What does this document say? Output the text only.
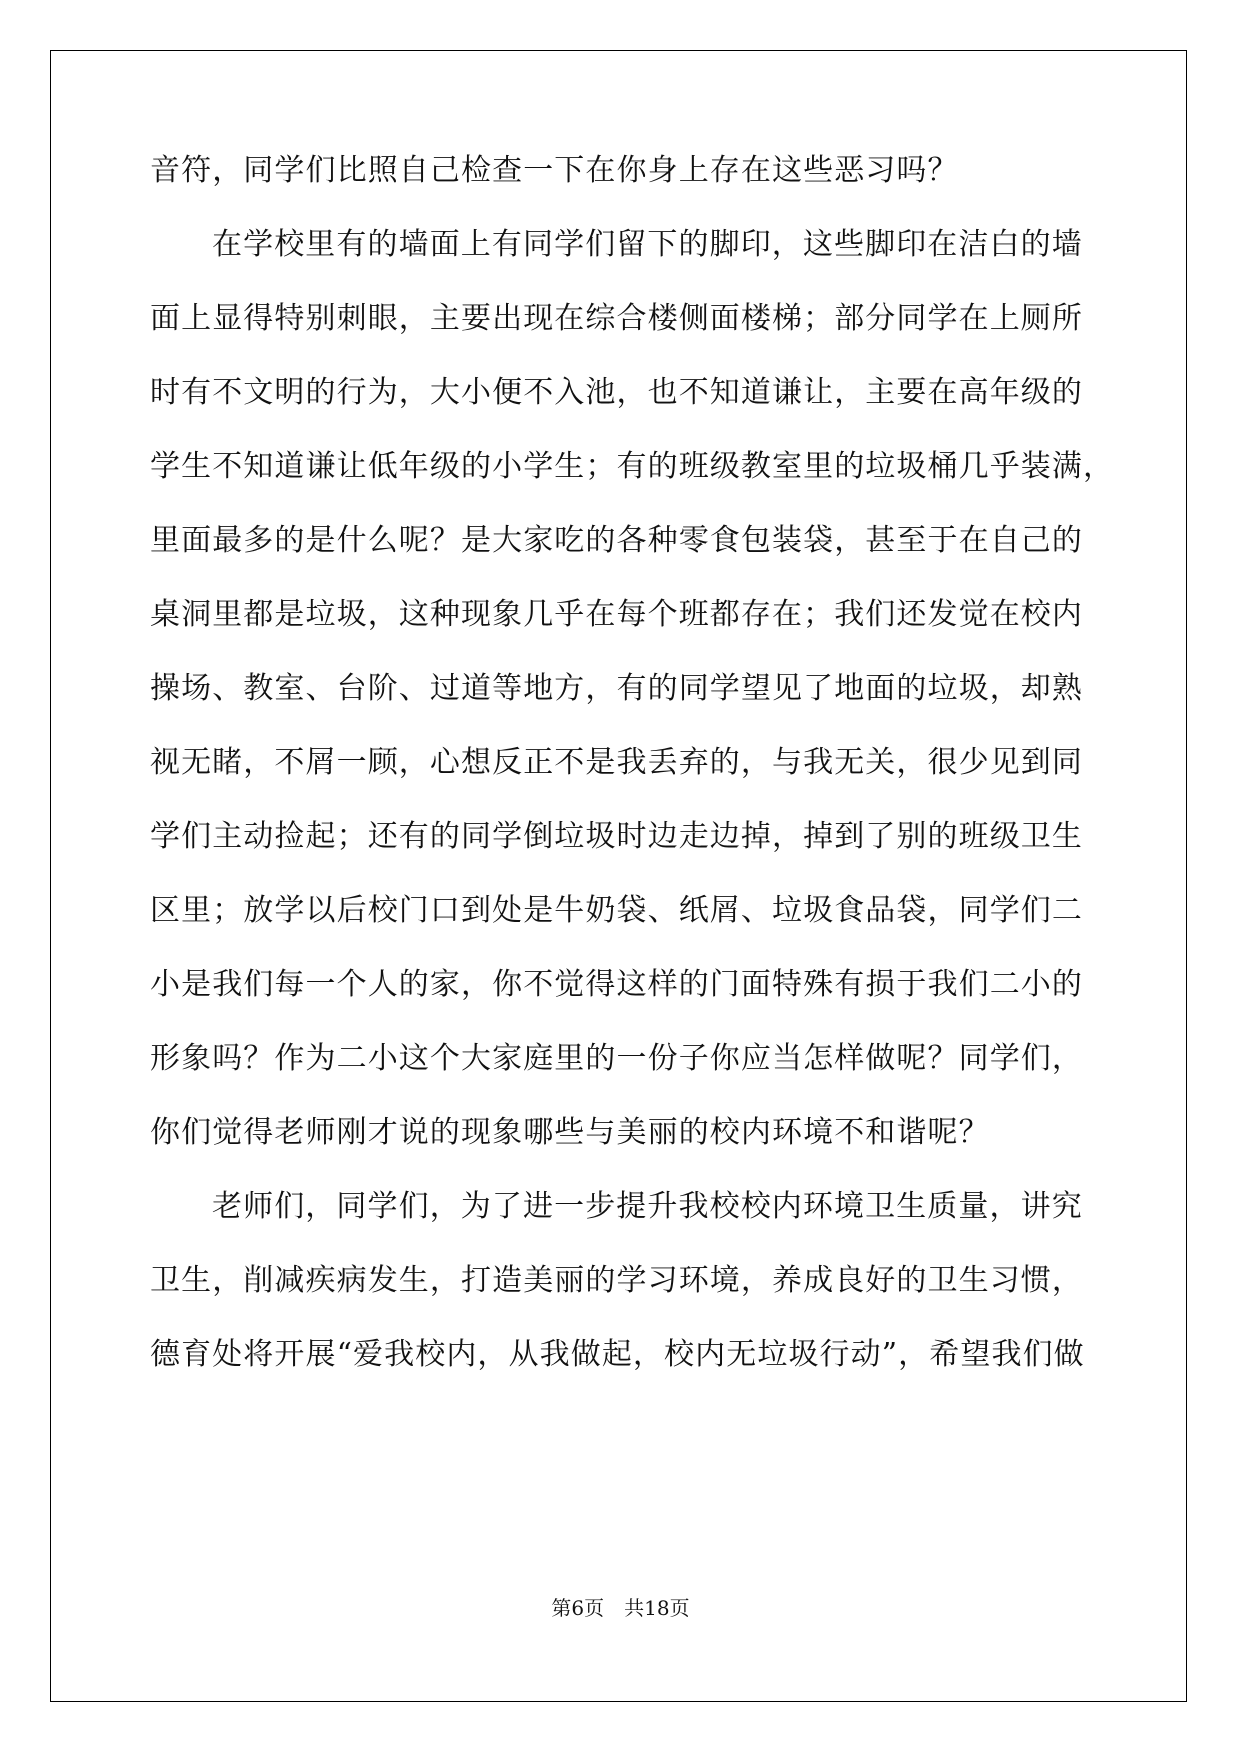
音符，同学们比照自己检查一下在你身上存在这些恶习吗？
在学校里有的墙面上有同学们留下的脚印，这些脚印在洁白的墙
面上显得特别刺眼，主要出现在综合楼侧面楼梯；部分同学在上厕所
时有不文明的行为，大小便不入池，也不知道谦让，主要在高年级的
学生不知道谦让低年级的小学生；有的班级教室里的垃圾桶几乎装满，
里面最多的是什么呢？是大家吃的各种零食包装袋，甚至于在自己的
桌洞里都是垃圾，这种现象几乎在每个班都存在；我们还发觉在校内
操场、教室、台阶、过道等地方，有的同学望见了地面的垃圾，却熟
视无睹，不屑一顾，心想反正不是我丢弃的，与我无关，很少见到同
学们主动捡起；还有的同学倒垃圾时边走边掉，掉到了别的班级卫生
区里；放学以后校门口到处是牛奶袋、纸屑、垃圾食品袋，同学们二
小是我们每一个人的家，你不觉得这样的门面特殊有损于我们二小的
形象吗？作为二小这个大家庭里的一份子你应当怎样做呢？同学们，
你们觉得老师刚才说的现象哪些与美丽的校内环境不和谐呢？
老师们，同学们，为了进一步提升我校校内环境卫生质量，讲究
卫生，削减疾病发生，打造美丽的学习环境，养成良好的卫生习惯，
德育处将开展“爱我校内，从我做起，校内无垃圾行动”，希望我们做
第6页　共18页
